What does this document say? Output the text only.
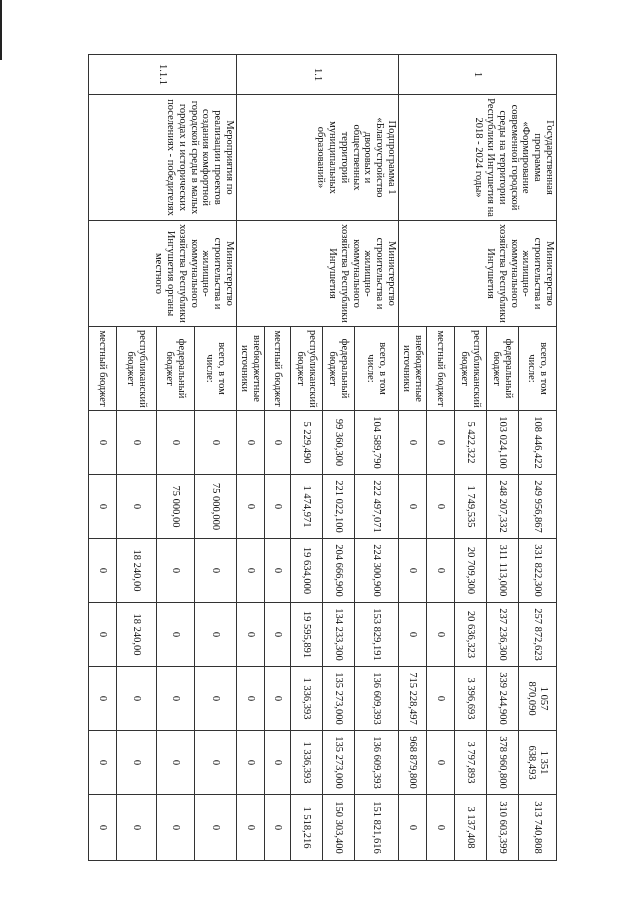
1	Государственная программа «Формирование современной городской среды на территории Республики Ингушетия на 2018 - 2024 годы»	Министерство строительства и жилищно-коммунального хозяйства Республики Ингушетия	всего, в том числе:	108 446,422	249 956,867	331 822,300	257 872,623	1 057 870,090	1 351 638,493	313 740,808
			федеральный бюджет	103 024,100	248 207,332	311 113,000	237 236,300	339 244,900	378 960,800	310 603,399
			республиканский бюджет	5 422,322	1 749,535	20 709,300	20 636,323	3 396,693	3 797,893	3 137,408
			местный бюджет	0	0	0	0	0	0	0
			внебюджетные источники	0	0	0	0	715 228,497	968 879,800	0
1.1	Подпрограмма 1 «Благоустройство дворовых и общественных территорий муниципальных образований»	Министерство строительства и жилищно-коммунального хозяйства Республики Ингушетия	всего, в том числе:	104 589,790	222 497,071	224 300,900	153 829,191	136 609,393	136 609,393	151 821,616
			федеральный бюджет	99 360,300	221 022,100	204 666,900	134 233,300	135 273,000	135 273,000	150 303,400
			республиканский бюджет	5 229,490	1 474,971	19 634,000	19 595,891	1 336,393	1 336,393	1 518,216
			местный бюджет	0	0	0	0	0	0	0
			внебюджетные источники	0	0	0	0	0	0	0
1.1.1	Мероприятия по реализации проектов создания комфортной городской среды в малых городах и исторических поселениях - победителях	Министерство строительства и жилищно-коммунального хозяйства Республики Ингушетия органы местного	всего, в том числе:	0	75 000,000	0	0	0	0	0
			федеральный бюджет	0	75 000,00	0	0	0	0	0
			республиканский бюджет	0	0	18 240,00	18 240,00	0	0	0
			местный бюджет	0	0	0	0	0	0	0
